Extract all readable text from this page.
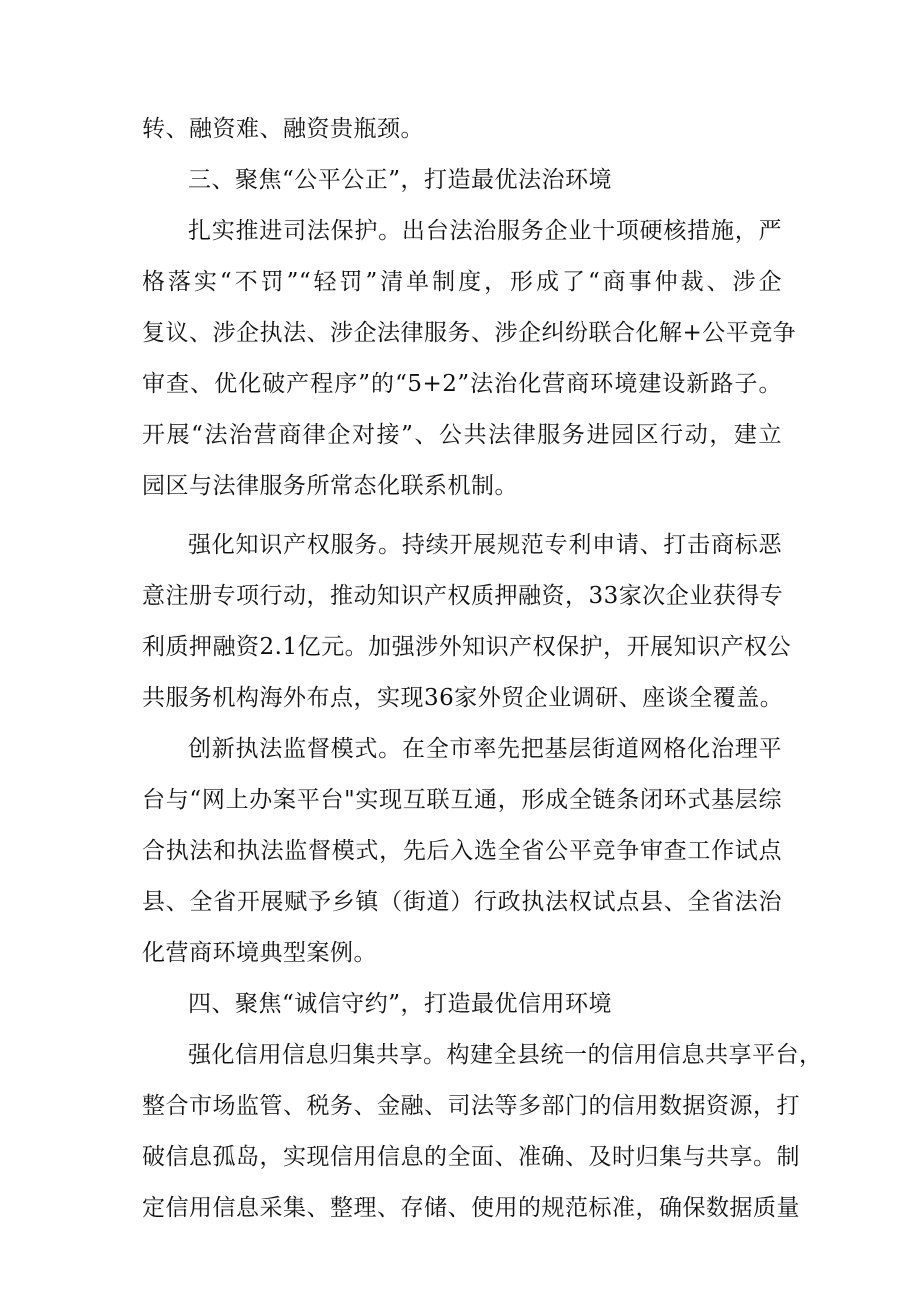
转、融资难、融资贵瓶颈。
三、聚焦“公平公正”，打造最优法治环境
扎实推进司法保护。出台法治服务企业十项硬核措施，严
格落实“不罚”“轻罚”清单制度，形成了“商事仲裁、涉企
复议、涉企执法、涉企法律服务、涉企纠纷联合化解+公平竞争
审查、优化破产程序”的“5+2”法治化营商环境建设新路子。
开展“法治营商律企对接”、公共法律服务进园区行动，建立
园区与法律服务所常态化联系机制。
强化知识产权服务。持续开展规范专利申请、打击商标恶
意注册专项行动，推动知识产权质押融资，33家次企业获得专
利质押融资2.1亿元。加强涉外知识产权保护，开展知识产权公
共服务机构海外布点，实现36家外贸企业调研、座谈全覆盖。
创新执法监督模式。在全市率先把基层街道网格化治理平
台与“网上办案平台"实现互联互通，形成全链条闭环式基层综
合执法和执法监督模式，先后入选全省公平竞争审查工作试点
县、全省开展赋予乡镇（街道）行政执法权试点县、全省法治
化营商环境典型案例。
四、聚焦“诚信守约”，打造最优信用环境
强化信用信息归集共享。构建全县统一的信用信息共享平台，
整合市场监管、税务、金融、司法等多部门的信用数据资源，打
破信息孤岛，实现信用信息的全面、准确、及时归集与共享。制
定信用信息采集、整理、存储、使用的规范标准，确保数据质量
